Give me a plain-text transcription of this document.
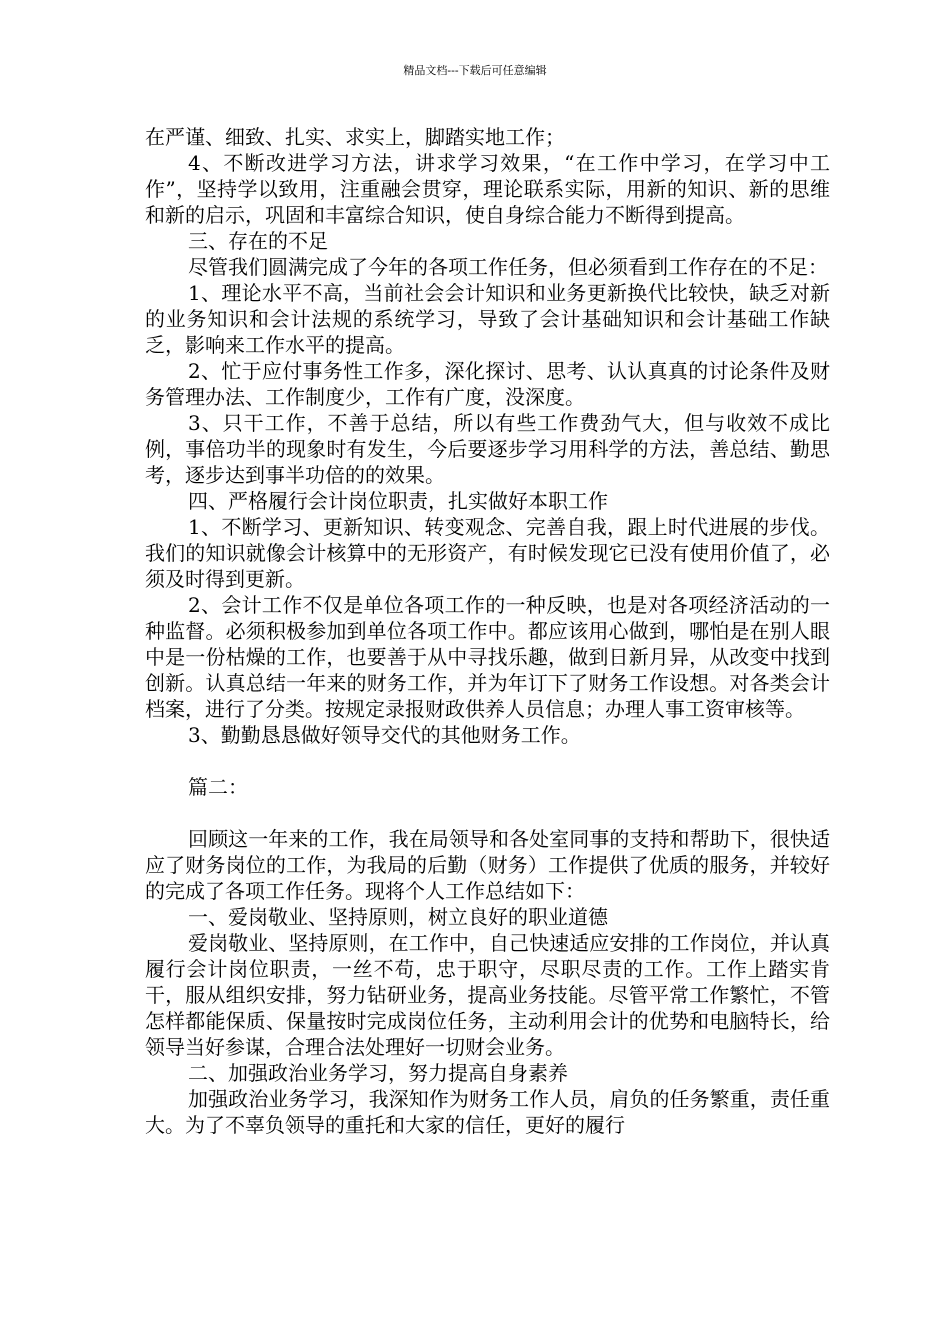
精品文档---下载后可任意编辑

在严谨、细致、扎实、求实上，脚踏实地工作；

4、不断改进学习方法，讲求学习效果，“在工作中学习，在学习中工作”，坚持学以致用，注重融会贯穿，理论联系实际，用新的知识、新的思维和新的启示，巩固和丰富综合知识，使自身综合能力不断得到提高。

三、存在的不足

尽管我们圆满完成了今年的各项工作任务，但必须看到工作存在的不足：

1、理论水平不高，当前社会会计知识和业务更新换代比较快，缺乏对新的业务知识和会计法规的系统学习，导致了会计基础知识和会计基础工作缺乏，影响来工作水平的提高。

2、忙于应付事务性工作多，深化探讨、思考、认认真真的讨论条件及财务管理办法、工作制度少，工作有广度，没深度。

3、只干工作，不善于总结，所以有些工作费劲气大，但与收效不成比例，事倍功半的现象时有发生，今后要逐步学习用科学的方法，善总结、勤思考，逐步达到事半功倍的的效果。

四、严格履行会计岗位职责，扎实做好本职工作

1、不断学习、更新知识、转变观念、完善自我，跟上时代进展的步伐。我们的知识就像会计核算中的无形资产，有时候发现它已没有使用价值了，必须及时得到更新。

2、会计工作不仅是单位各项工作的一种反映，也是对各项经济活动的一种监督。必须积极参加到单位各项工作中。都应该用心做到，哪怕是在别人眼中是一份枯燥的工作，也要善于从中寻找乐趣，做到日新月异，从改变中找到创新。认真总结一年来的财务工作，并为年订下了财务工作设想。对各类会计档案，进行了分类。按规定录报财政供养人员信息；办理人事工资审核等。

3、勤勤恳恳做好领导交代的其他财务工作。

篇二：

回顾这一年来的工作，我在局领导和各处室同事的支持和帮助下，很快适应了财务岗位的工作，为我局的后勤（财务）工作提供了优质的服务，并较好的完成了各项工作任务。现将个人工作总结如下：

一、爱岗敬业、坚持原则，树立良好的职业道德

爱岗敬业、坚持原则，在工作中，自己快速适应安排的工作岗位，并认真履行会计岗位职责，一丝不苟，忠于职守，尽职尽责的工作。工作上踏实肯干，服从组织安排，努力钻研业务，提高业务技能。尽管平常工作繁忙，不管怎样都能保质、保量按时完成岗位任务，主动利用会计的优势和电脑特长，给领导当好参谋，合理合法处理好一切财会业务。

二、加强政治业务学习，努力提高自身素养

加强政治业务学习，我深知作为财务工作人员，肩负的任务繁重，责任重大。为了不辜负领导的重托和大家的信任，更好的履行
